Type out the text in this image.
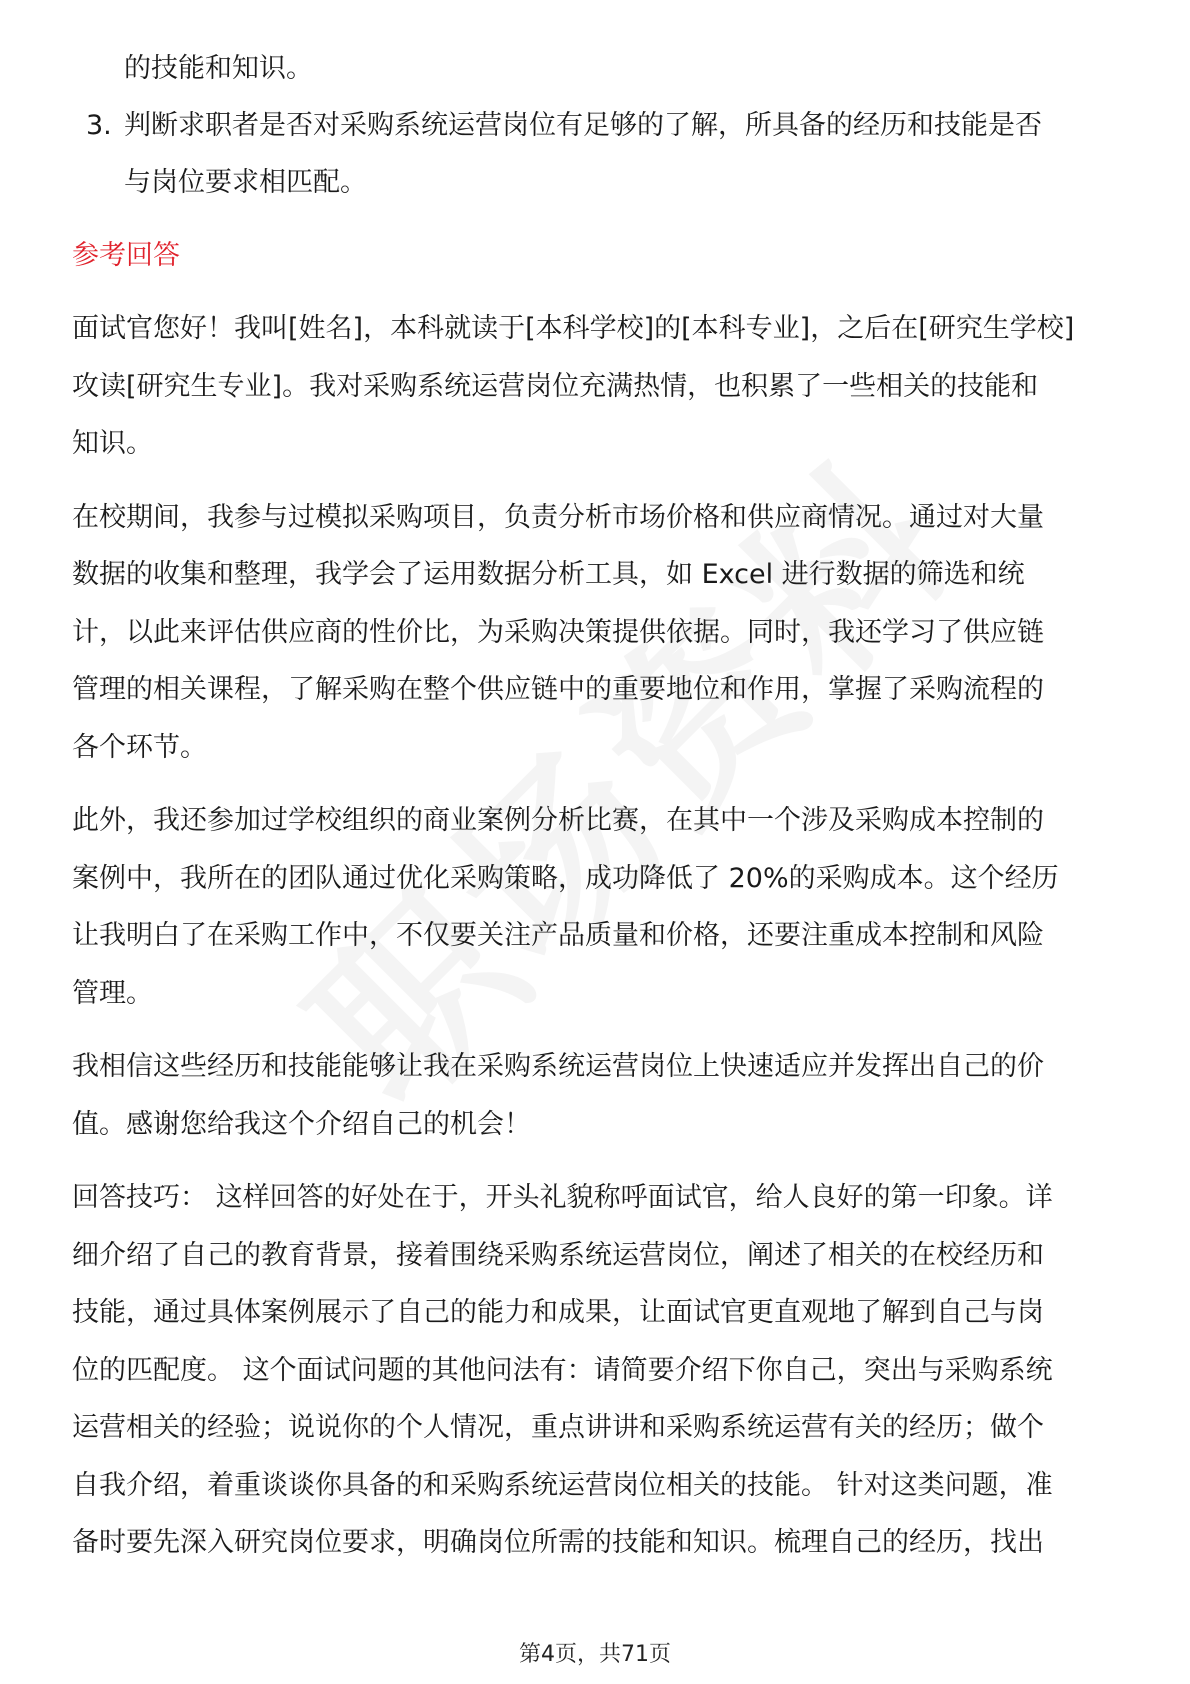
的技能和知识。
3. 判断求职者是否对采购系统运营岗位有足够的了解，所具备的经历和技能是否
与岗位要求相匹配。
参考回答
面试官您好！我叫[姓名]，本科就读于[本科学校]的[本科专业]，之后在[研究生学校]
攻读[研究生专业]。我对采购系统运营岗位充满热情，也积累了一些相关的技能和
知识。
在校期间，我参与过模拟采购项目，负责分析市场价格和供应商情况。通过对大量
数据的收集和整理，我学会了运用数据分析工具，如 Excel 进行数据的筛选和统
计，以此来评估供应商的性价比，为采购决策提供依据。同时，我还学习了供应链
管理的相关课程，了解采购在整个供应链中的重要地位和作用，掌握了采购流程的
各个环节。
此外，我还参加过学校组织的商业案例分析比赛，在其中一个涉及采购成本控制的
案例中，我所在的团队通过优化采购策略，成功降低了 20%的采购成本。这个经历
让我明白了在采购工作中，不仅要关注产品质量和价格，还要注重成本控制和风险
管理。
我相信这些经历和技能能够让我在采购系统运营岗位上快速适应并发挥出自己的价
值。感谢您给我这个介绍自己的机会！
回答技巧： 这样回答的好处在于，开头礼貌称呼面试官，给人良好的第一印象。详
细介绍了自己的教育背景，接着围绕采购系统运营岗位，阐述了相关的在校经历和
技能，通过具体案例展示了自己的能力和成果，让面试官更直观地了解到自己与岗
位的匹配度。 这个面试问题的其他问法有：请简要介绍下你自己，突出与采购系统
运营相关的经验；说说你的个人情况，重点讲讲和采购系统运营有关的经历；做个
自我介绍，着重谈谈你具备的和采购系统运营岗位相关的技能。 针对这类问题，准
备时要先深入研究岗位要求，明确岗位所需的技能和知识。梳理自己的经历，找出
第4页，共71页
